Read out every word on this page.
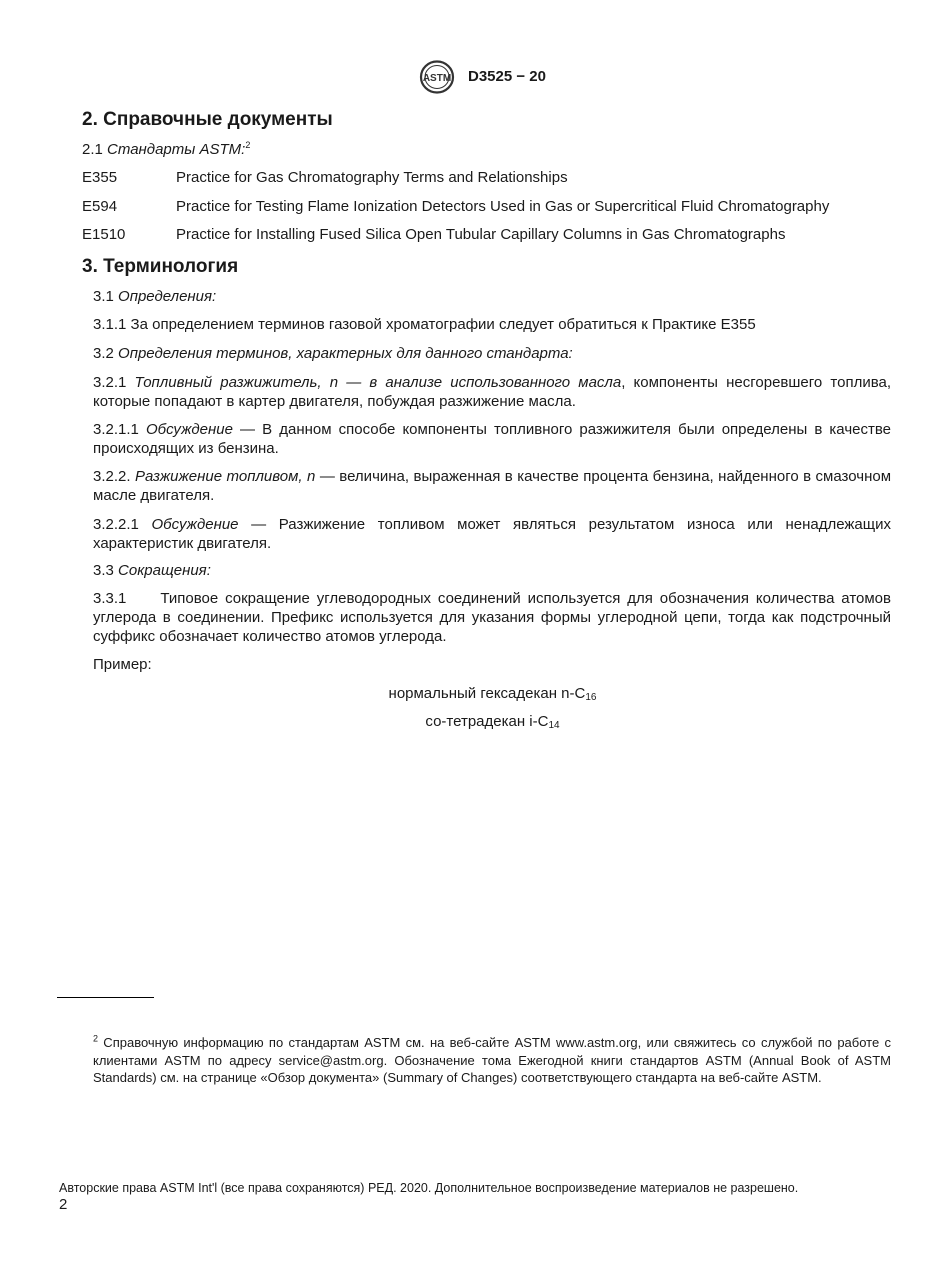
ASTM D3525 − 20
2. Справочные документы
2.1 Стандарты ASTM:$^2$
E355	Practice for Gas Chromatography Terms and Relationships
E594	Practice for Testing Flame Ionization Detectors Used in Gas or Supercritical Fluid Chromatography
E1510	Practice for Installing Fused Silica Open Tubular Capillary Columns in Gas Chromatographs
3. Терминология
3.1 Определения:
3.1.1 За определением терминов газовой хроматографии следует обратиться к Практике E355
3.2 Определения терминов, характерных для данного стандарта:
3.2.1 Топливный разжижитель, n — в анализе использованного масла, компоненты несгоревшего топлива, которые попадают в картер двигателя, побуждая разжижение масла.
3.2.1.1 Обсуждение — В данном способе компоненты топливного разжижителя были определены в качестве происходящих из бензина.
3.2.2. Разжижение топливом, n — величина, выраженная в качестве процента бензина, найденного в смазочном масле двигателя.
3.2.2.1 Обсуждение — Разжижение топливом может являться результатом износа или ненадлежащих характеристик двигателя.
3.3 Сокращения:
3.3.1 Типовое сокращение углеводородных соединений используется для обозначения количества атомов углерода в соединении. Префикс используется для указания формы углеродной цепи, тогда как подстрочный суффикс обозначает количество атомов углерода.
Пример:
нормальный гексадекан $n-C_{16}$
со-тетрадекан $i-C_{14}$
$^2$ Справочную информацию по стандартам ASTM см. на веб-сайте ASTM www.astm.org, или свяжитесь со службой по работе с клиентами ASTM по адресу service@astm.org. Обозначение тома Ежегодной книги стандартов ASTM (Annual Book of ASTM Standards) см. на странице «Обзор документа» (Summary of Changes) соответствующего стандарта на веб-сайте ASTM.
Авторские права ASTM Int'l (все права сохраняются) РЕД. 2020. Дополнительное воспроизведение материалов не разрешено.
2
